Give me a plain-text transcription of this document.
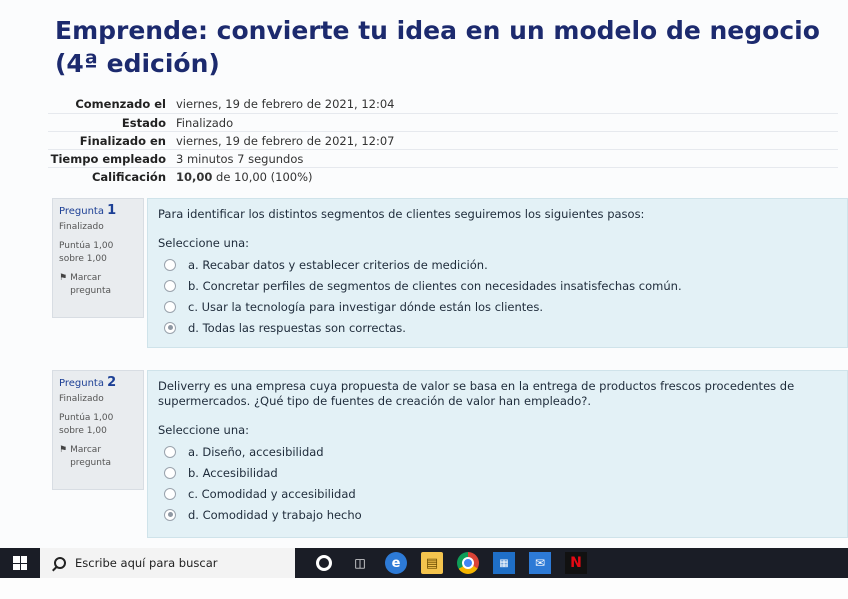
Emprende: convierte tu idea en un modelo de negocio (4ª edición)
Comenzado el viernes, 19 de febrero de 2021, 12:04
Estado Finalizado
Finalizado en viernes, 19 de febrero de 2021, 12:07
Tiempo empleado 3 minutos 7 segundos
Calificación 10,00 de 10,00 (100%)
Pregunta 1
Finalizado
Puntúa 1,00 sobre 1,00
⚑ Marcar pregunta
Para identificar los distintos segmentos de clientes seguiremos los siguientes pasos:
Seleccione una:
a. Recabar datos y establecer criterios de medición.
b. Concretar perfiles de segmentos de clientes con necesidades insatisfechas común.
c. Usar la tecnología para investigar dónde están los clientes.
d. Todas las respuestas son correctas.
Pregunta 2
Finalizado
Puntúa 1,00 sobre 1,00
⚑ Marcar pregunta
Deliverry es una empresa cuya propuesta de valor se basa en la entrega de productos frescos procedentes de supermercados. ¿Qué tipo de fuentes de creación de valor han empleado?.
Seleccione una:
a. Diseño, accesibilidad
b. Accesibilidad
c. Comodidad y accesibilidad
d. Comodidad y trabajo hecho
Escribe aquí para buscar	◫	e	▤	▦	✉	N
